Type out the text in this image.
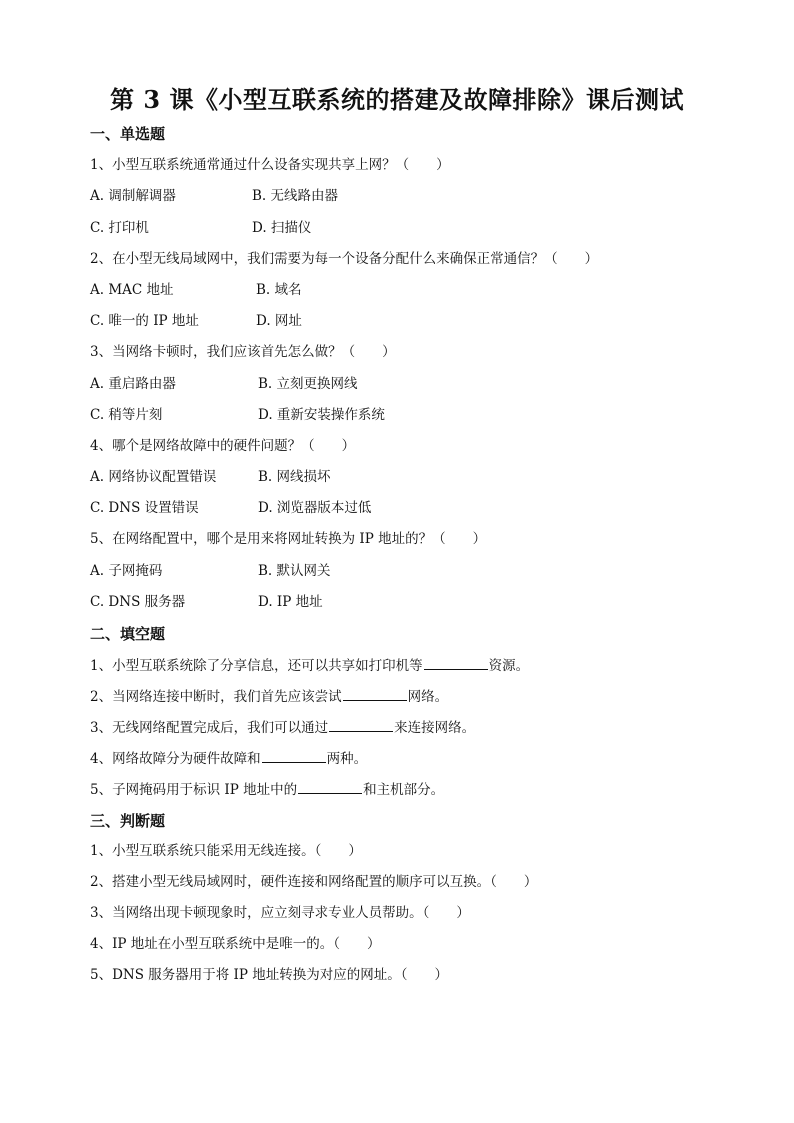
第 3 课《小型互联系统的搭建及故障排除》课后测试
一、单选题
1、小型互联系统通常通过什么设备实现共享上网？（　　）
A. 调制解调器	B. 无线路由器
C. 打印机	D. 扫描仪
2、在小型无线局域网中，我们需要为每一个设备分配什么来确保正常通信？（　　）
A. MAC 地址	B. 域名
C. 唯一的 IP 地址	D. 网址
3、当网络卡顿时，我们应该首先怎么做？（　　）
A. 重启路由器	B. 立刻更换网线
C. 稍等片刻	D. 重新安装操作系统
4、哪个是网络故障中的硬件问题？（　　）
A. 网络协议配置错误	B. 网线损坏
C. DNS 设置错误	D. 浏览器版本过低
5、在网络配置中，哪个是用来将网址转换为 IP 地址的？（　　）
A. 子网掩码	B. 默认网关
C. DNS 服务器	D. IP 地址
二、填空题
1、小型互联系统除了分享信息，还可以共享如打印机等	资源。
2、当网络连接中断时，我们首先应该尝试	网络。
3、无线网络配置完成后，我们可以通过	来连接网络。
4、网络故障分为硬件故障和	两种。
5、子网掩码用于标识 IP 地址中的	和主机部分。
三、判断题
1、小型互联系统只能采用无线连接。（　　）
2、搭建小型无线局域网时，硬件连接和网络配置的顺序可以互换。（　　）
3、当网络出现卡顿现象时，应立刻寻求专业人员帮助。（　　）
4、IP 地址在小型互联系统中是唯一的。（　　）
5、DNS 服务器用于将 IP 地址转换为对应的网址。（　　）
